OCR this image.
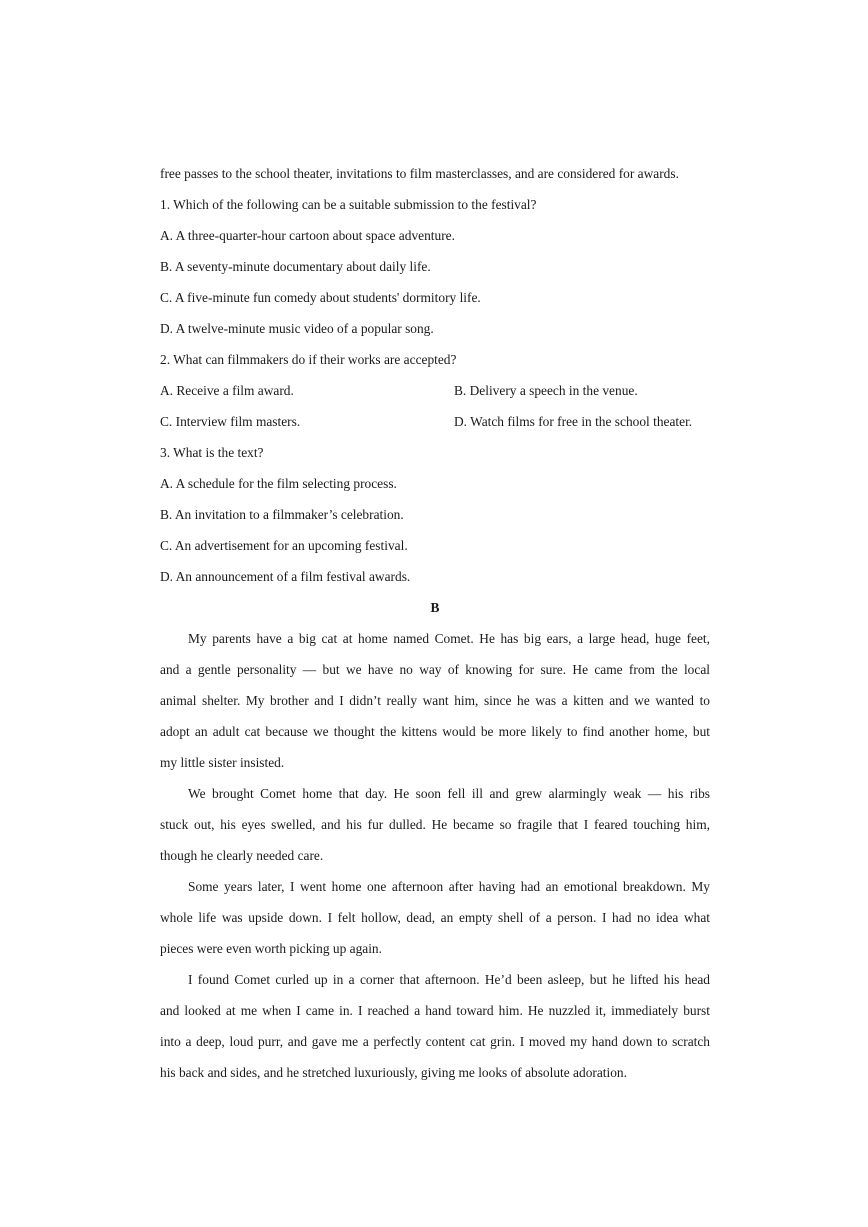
free passes to the school theater, invitations to film masterclasses, and are considered for awards.
1. Which of the following can be a suitable submission to the festival?
A. A three-quarter-hour cartoon about space adventure.
B. A seventy-minute documentary about daily life.
C. A five-minute fun comedy about students' dormitory life.
D. A twelve-minute music video of a popular song.
2. What can filmmakers do if their works are accepted?
A. Receive a film award.	B. Delivery a speech in the venue.
C. Interview film masters.	D. Watch films for free in the school theater.
3. What is the text?
A. A schedule for the film selecting process.
B. An invitation to a filmmaker’s celebration.
C. An advertisement for an upcoming festival.
D. An announcement of a film festival awards.
B
My parents have a big cat at home named Comet. He has big ears, a large head, huge feet,
and a gentle personality — but we have no way of knowing for sure. He came from the local
animal shelter. My brother and I didn’t really want him, since he was a kitten and we wanted to
adopt an adult cat because we thought the kittens would be more likely to find another home, but
my little sister insisted.
We brought Comet home that day. He soon fell ill and grew alarmingly weak — his ribs
stuck out, his eyes swelled, and his fur dulled. He became so fragile that I feared touching him,
though he clearly needed care.
Some years later, I went home one afternoon after having had an emotional breakdown. My
whole life was upside down. I felt hollow, dead, an empty shell of a person. I had no idea what
pieces were even worth picking up again.
I found Comet curled up in a corner that afternoon. He’d been asleep, but he lifted his head
and looked at me when I came in. I reached a hand toward him. He nuzzled it, immediately burst
into a deep, loud purr, and gave me a perfectly content cat grin. I moved my hand down to scratch
his back and sides, and he stretched luxuriously, giving me looks of absolute adoration.
